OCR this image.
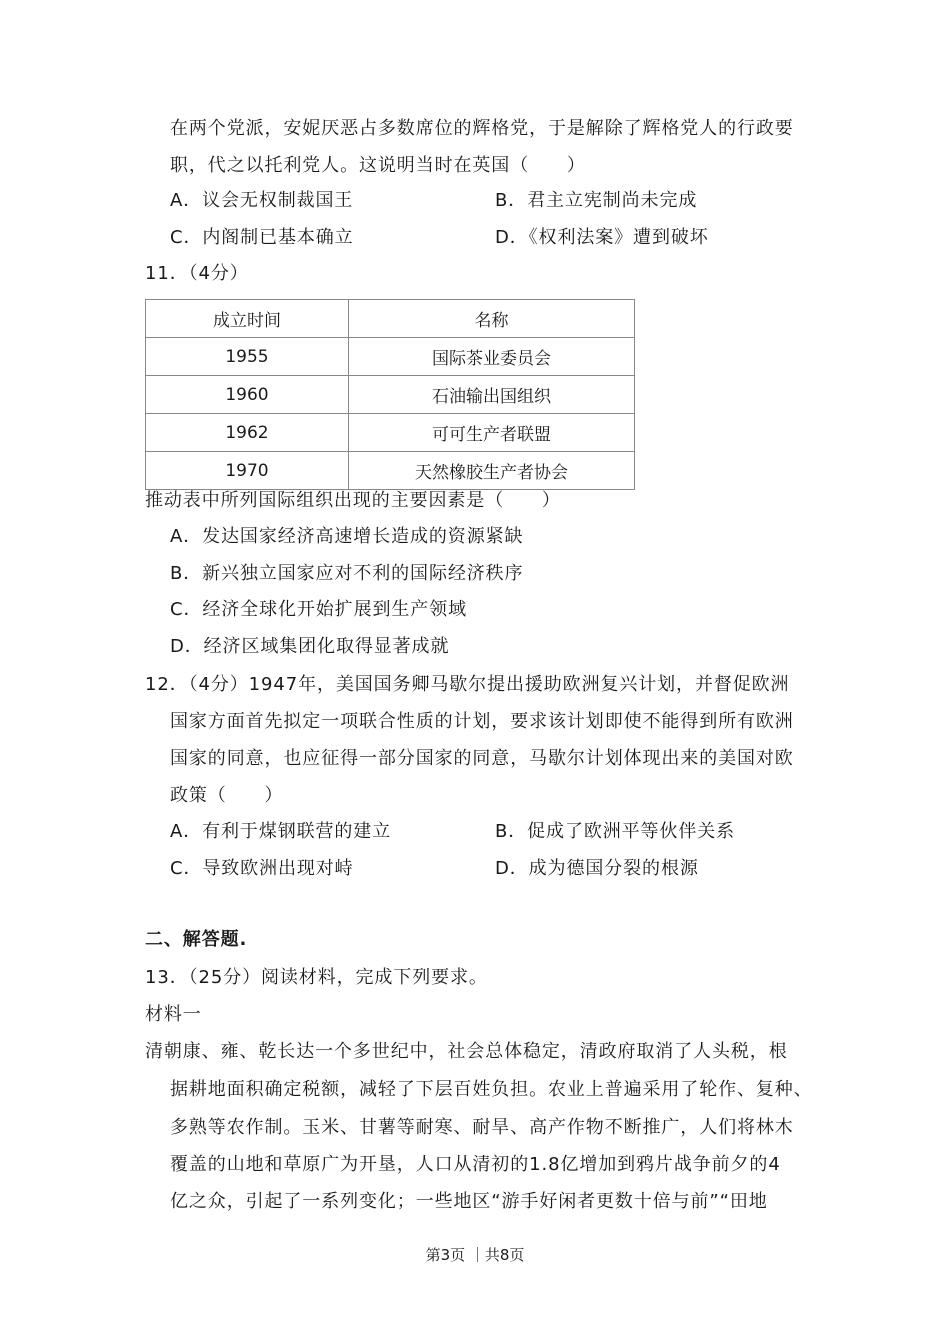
在两个党派，安妮厌恶占多数席位的辉格党，于是解除了辉格党人的行政要
职，代之以托利党人。这说明当时在英国（　　）
A．议会无权制裁国王	B．君主立宪制尚未完成
C．内阁制已基本确立	D．《权利法案》遭到破坏
11．（4分）
成立时间	名称
1955	国际茶业委员会
1960	石油输出国组织
1962	可可生产者联盟
1970	天然橡胶生产者协会
推动表中所列国际组织出现的主要因素是（　　）
A．发达国家经济高速增长造成的资源紧缺
B．新兴独立国家应对不利的国际经济秩序
C．经济全球化开始扩展到生产领域
D．经济区域集团化取得显著成就
12．（4分）1947年，美国国务卿马歇尔提出援助欧洲复兴计划，并督促欧洲
国家方面首先拟定一项联合性质的计划，要求该计划即使不能得到所有欧洲
国家的同意，也应征得一部分国家的同意，马歇尔计划体现出来的美国对欧
政策（　　）
A．有利于煤钢联营的建立	B．促成了欧洲平等伙伴关系
C．导致欧洲出现对峙	D．成为德国分裂的根源
二、解答题.
13．（25分）阅读材料，完成下列要求。
材料一
清朝康、雍、乾长达一个多世纪中，社会总体稳定，清政府取消了人头税，根
据耕地面积确定税额，减轻了下层百姓负担。农业上普遍采用了轮作、复种、
多熟等农作制。玉米、甘薯等耐寒、耐旱、高产作物不断推广，人们将林木
覆盖的山地和草原广为开垦，人口从清初的1.8亿增加到鸦片战争前夕的4
亿之众，引起了一系列变化；一些地区“游手好闲者更数十倍与前”“田地
第3页 ｜共8页
